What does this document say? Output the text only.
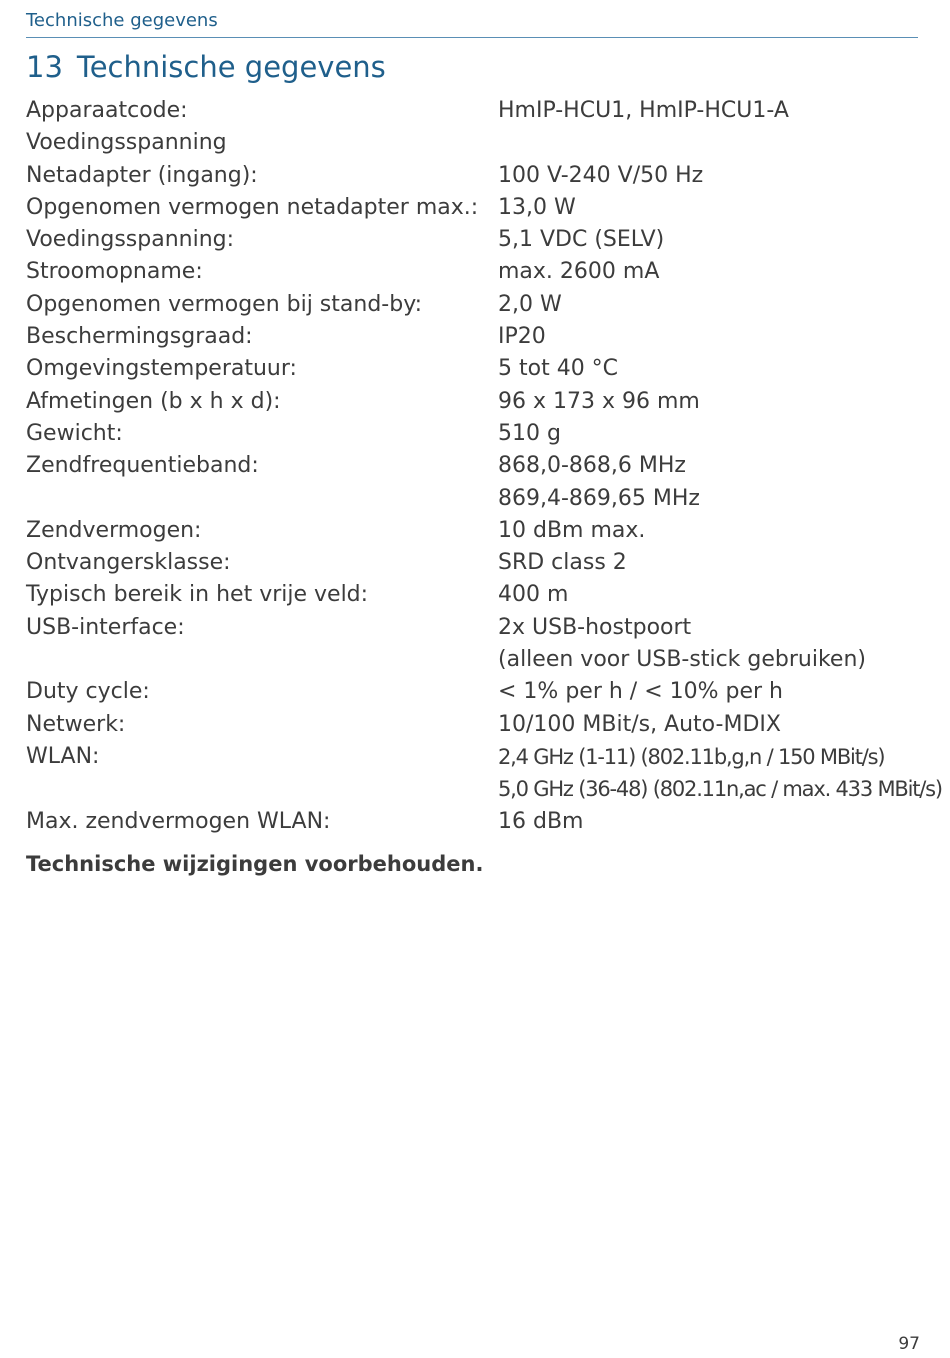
Technische gegevens
13 Technische gegevens
Apparaatcode:	HmIP-HCU1, HmIP-HCU1-A
Voedingsspanning

Netadapter (ingang):	100 V-240 V/50 Hz
Opgenomen vermogen netadapter max.: 13,0 W
Voedingsspanning:	5,1 VDC (SELV)
Stroomopname:	max. 2600 mA
Opgenomen vermogen bij stand-by:	2,0 W
Beschermingsgraad:	IP20
Omgevingstemperatuur:	5 tot 40 °C
Afmetingen (b x h x d):	96 x 173 x 96 mm
Gewicht:	510 g
Zendfrequentieband:	868,0-868,6 MHz
869,4-869,65 MHz
Zendvermogen:	10 dBm max.
Ontvangersklasse:	SRD class 2
Typisch bereik in het vrije veld:	400 m
USB-interface:	2x USB-hostpoort
(alleen voor USB-stick gebruiken)
Duty cycle:	< 1% per h / < 10% per h
Netwerk:	10/100 MBit/s, Auto-MDIX
WLAN:	2,4 GHz (1-11) (802.11b,g,n / 150 MBit/s)
5,0 GHz (36-48) (802.11n,ac / max. 433 MBit/s)
Max. zendvermogen WLAN:	16 dBm
Technische wijzigingen voorbehouden.
97
